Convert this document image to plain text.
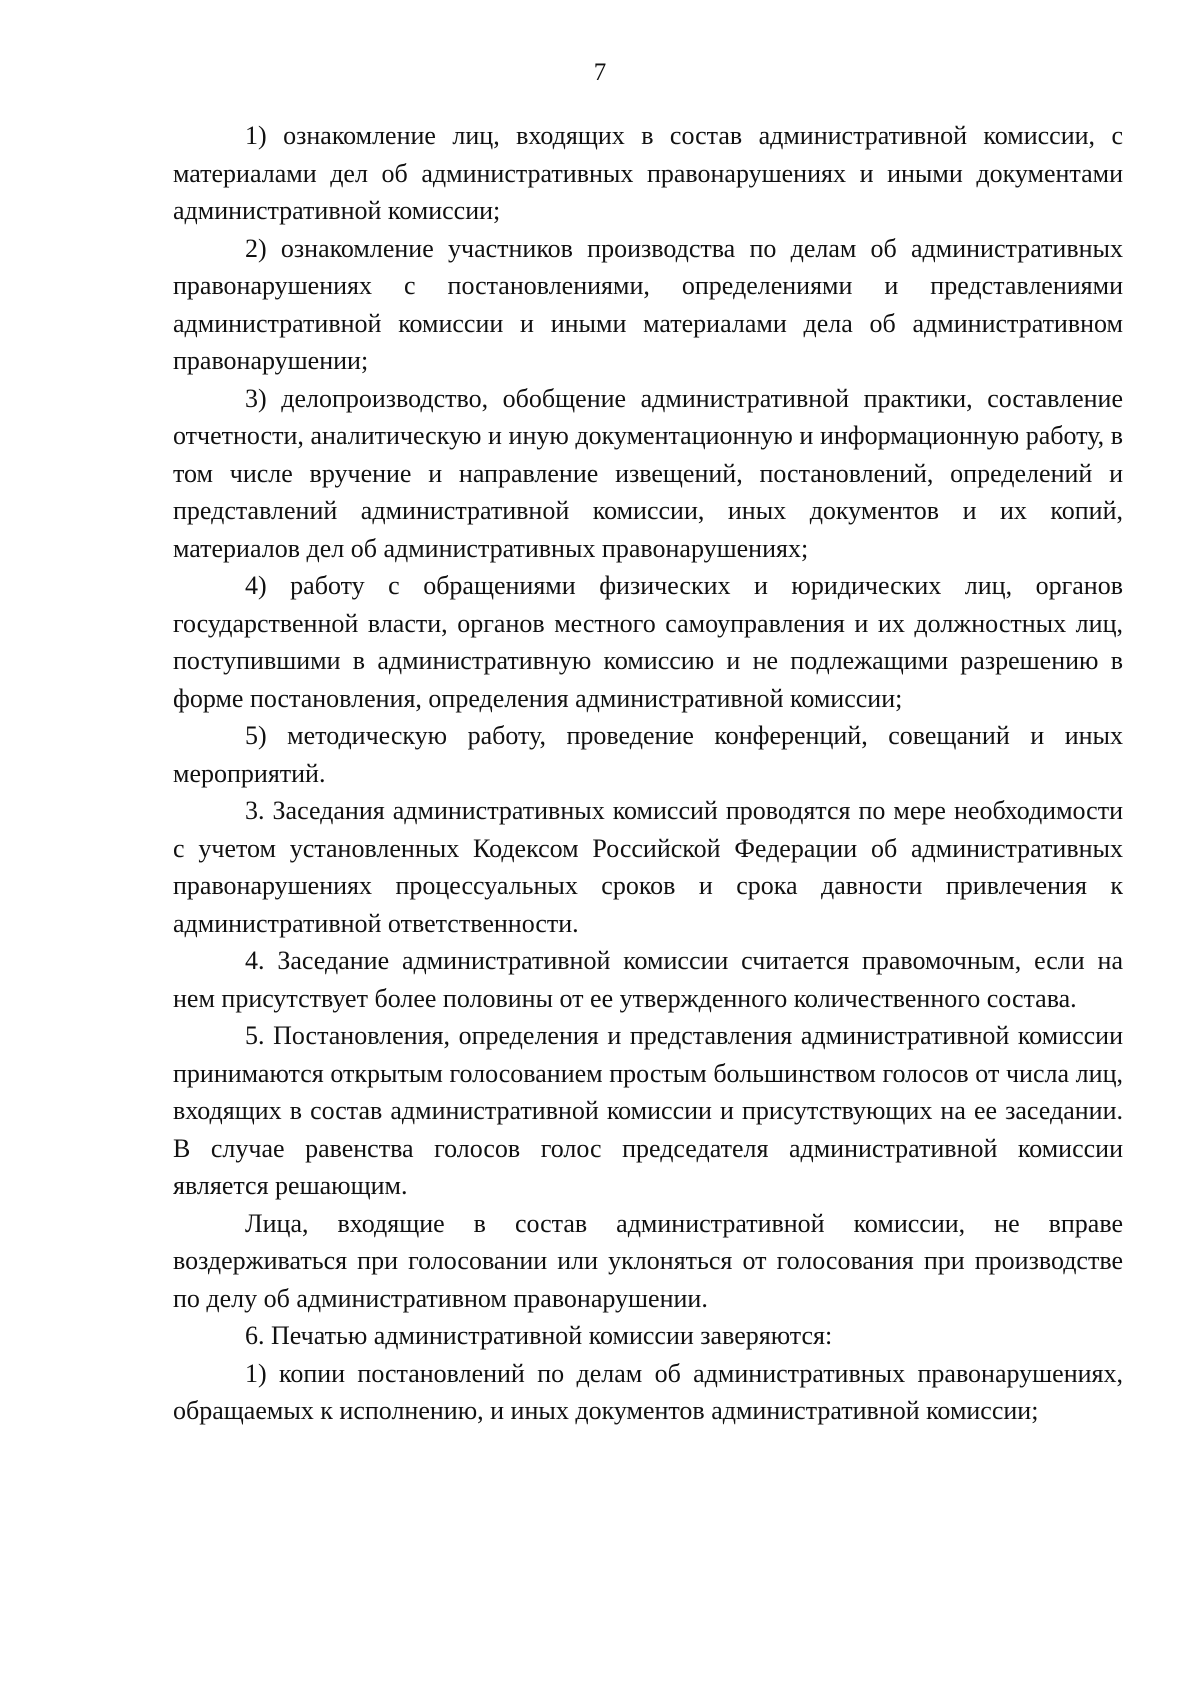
7

1) ознакомление лиц, входящих в состав административной комиссии, с материалами дел об административных правонарушениях и иными документами административной комиссии;

2) ознакомление участников производства по делам об административных правонарушениях с постановлениями, определениями и представлениями административной комиссии и иными материалами дела об административном правонарушении;

3) делопроизводство, обобщение административной практики, составление отчетности, аналитическую и иную документационную и информационную работу, в том числе вручение и направление извещений, постановлений, определений и представлений административной комиссии, иных документов и их копий, материалов дел об административных правонарушениях;

4) работу с обращениями физических и юридических лиц, органов государственной власти, органов местного самоуправления и их должностных лиц, поступившими в административную комиссию и не подлежащими разрешению в форме постановления, определения административной комиссии;

5) методическую работу, проведение конференций, совещаний и иных мероприятий.

3. Заседания административных комиссий проводятся по мере необходимости с учетом установленных Кодексом Российской Федерации об административных правонарушениях процессуальных сроков и срока давности привлечения к административной ответственности.

4. Заседание административной комиссии считается правомочным, если на нем присутствует более половины от ее утвержденного количественного состава.

5. Постановления, определения и представления административной комиссии принимаются открытым голосованием простым большинством голосов от числа лиц, входящих в состав административной комиссии и присутствующих на ее заседании. В случае равенства голосов голос председателя административной комиссии является решающим.

Лица, входящие в состав административной комиссии, не вправе воздерживаться при голосовании или уклоняться от голосования при производстве по делу об административном правонарушении.

6. Печатью административной комиссии заверяются:

1) копии постановлений по делам об административных правонарушениях, обращаемых к исполнению, и иных документов административной комиссии;
